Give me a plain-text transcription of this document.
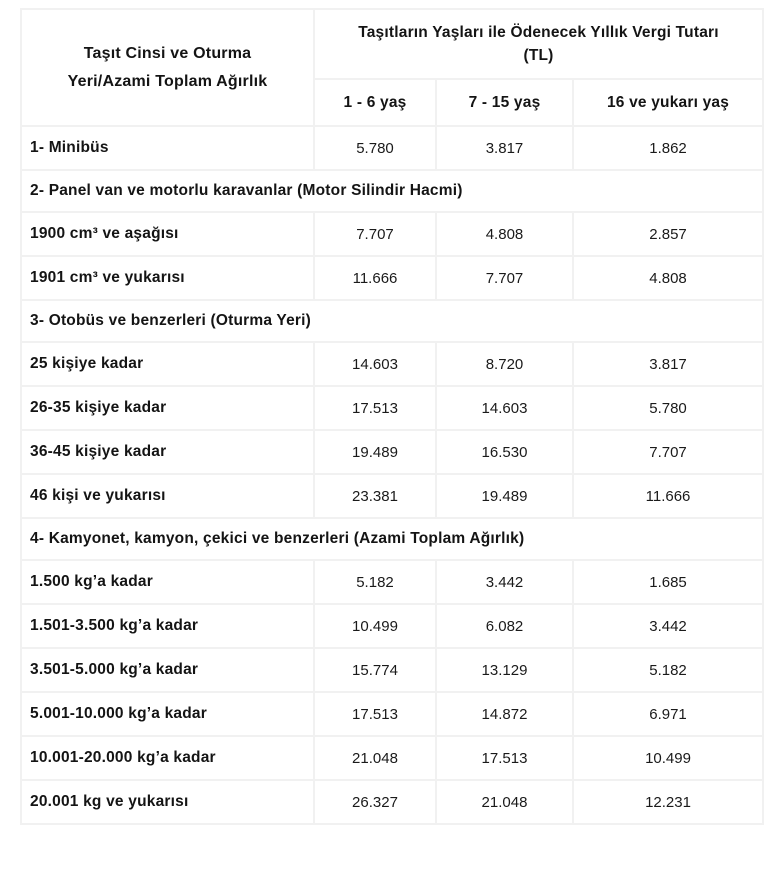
Taşıt Cinsi ve Oturma Yeri/Azami Toplam Ağırlık	Taşıtların Yaşları ile Ödenecek Yıllık Vergi Tutarı
(TL)		

	1 - 6 yaş	7 - 15 yaş	16 ve yukarı yaş
1- Minibüs	5.780	3.817	1.862
2- Panel van ve motorlu karavanlar (Motor Silindir Hacmi)			
1900 cm³ ve aşağısı	7.707	4.808	2.857
1901 cm³ ve yukarısı	11.666	7.707	4.808
3- Otobüs ve benzerleri (Oturma Yeri)			
25 kişiye kadar	14.603	8.720	3.817
26-35 kişiye kadar	17.513	14.603	5.780
36-45 kişiye kadar	19.489	16.530	7.707
46 kişi ve yukarısı	23.381	19.489	11.666
4- Kamyonet, kamyon, çekici ve benzerleri (Azami Toplam Ağırlık)			
1.500 kg’a kadar	5.182	3.442	1.685
1.501-3.500 kg’a kadar	10.499	6.082	3.442
3.501-5.000 kg’a kadar	15.774	13.129	5.182
5.001-10.000 kg’a kadar	17.513	14.872	6.971
10.001-20.000 kg’a kadar	21.048	17.513	10.499
20.001 kg ve yukarısı	26.327	21.048	12.231
